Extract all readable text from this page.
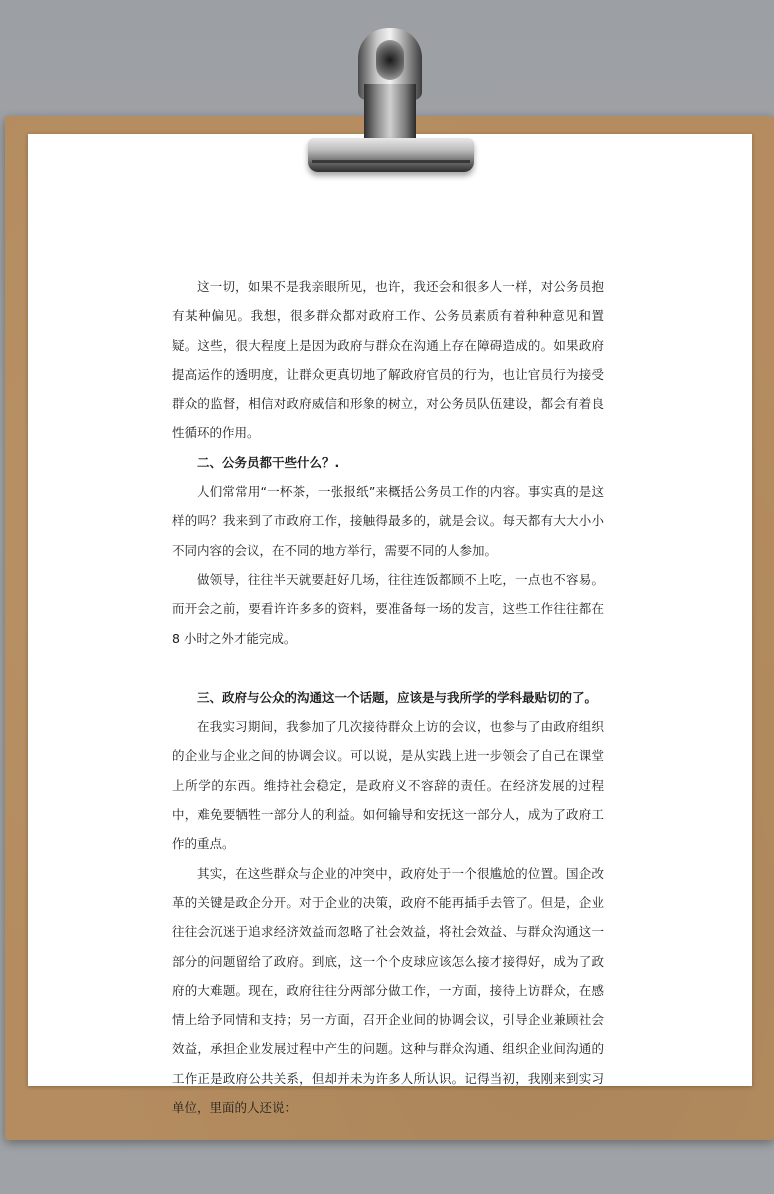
这一切，如果不是我亲眼所见，也许，我还会和很多人一样，对公务员抱有某种偏见。我想，很多群众都对政府工作、公务员素质有着种种意见和置疑。这些，很大程度上是因为政府与群众在沟通上存在障碍造成的。如果政府提高运作的透明度，让群众更真切地了解政府官员的行为，也让官员行为接受群众的监督，相信对政府威信和形象的树立，对公务员队伍建设，都会有着良性循环的作用。

二、公务员都干些什么？.

人们常常用“一杯茶，一张报纸”来概括公务员工作的内容。事实真的是这样的吗？我来到了市政府工作，接触得最多的，就是会议。每天都有大大小小不同内容的会议，在不同的地方举行，需要不同的人参加。

做领导，往往半天就要赶好几场，往往连饭都顾不上吃，一点也不容易。而开会之前，要看许许多多的资料，要准备每一场的发言，这些工作往往都在 8 小时之外才能完成。

三、政府与公众的沟通这一个话题，应该是与我所学的学科最贴切的了。

在我实习期间，我参加了几次接待群众上访的会议，也参与了由政府组织的企业与企业之间的协调会议。可以说，是从实践上进一步领会了自己在课堂上所学的东西。维持社会稳定，是政府义不容辞的责任。在经济发展的过程中，难免要牺牲一部分人的利益。如何输导和安抚这一部分人，成为了政府工作的重点。

其实，在这些群众与企业的冲突中，政府处于一个很尴尬的位置。国企改革的关键是政企分开。对于企业的决策，政府不能再插手去管了。但是，企业往往会沉迷于追求经济效益而忽略了社会效益，将社会效益、与群众沟通这一部分的问题留给了政府。到底，这一个个皮球应该怎么接才接得好，成为了政府的大难题。现在，政府往往分两部分做工作，一方面，接待上访群众，在感情上给予同情和支持；另一方面，召开企业间的协调会议，引导企业兼顾社会效益，承担企业发展过程中产生的问题。这种与群众沟通、组织企业间沟通的工作正是政府公共关系，但却并未为许多人所认识。记得当初，我刚来到实习单位，里面的人还说：
